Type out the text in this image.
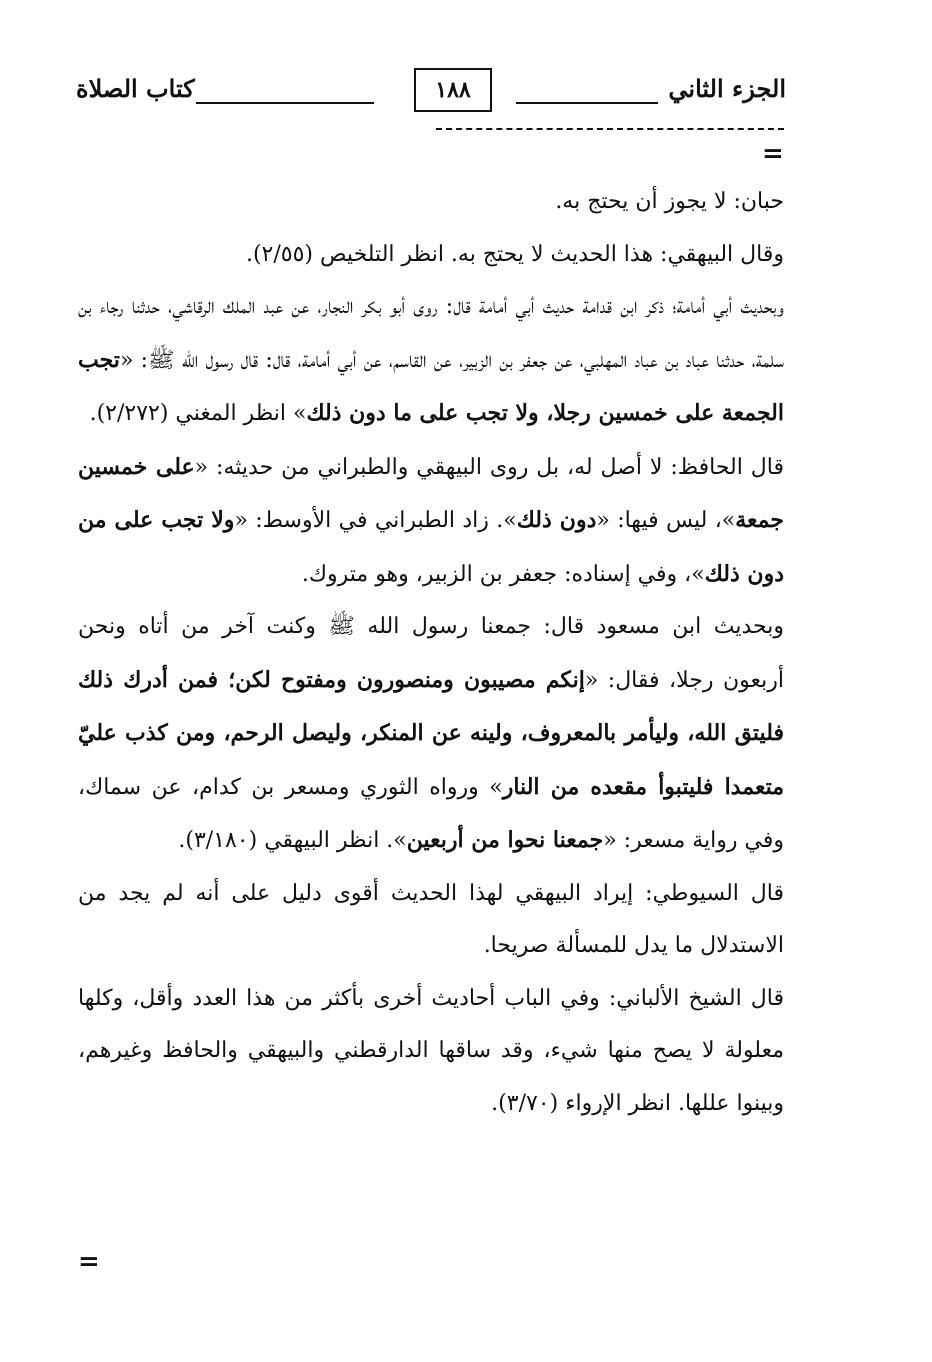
الجزء الثاني
١٨٨
كتاب الصلاة
=

حبان: لا يجوز أن يحتج به.

وقال البيهقي: هذا الحديث لا يحتج به. انظر التلخيص (٢/٥٥).

وبحديث أبي أمامة؛ ذكر ابن قدامة حديث أبي أمامة قال: روى أبو بكر النجار، عن عبد الملك الرقاشي، حدثنا رجاء بن سلمة، حدثنا عباد بن عباد المهلبي، عن جعفر بن الزبير، عن القاسم، عن أبي أمامة، قال: قال رسول الله ﷺ: «تجب الجمعة على خمسين رجلا، ولا تجب على ما دون ذلك» انظر المغني (٢/٢٧٢).

قال الحافظ: لا أصل له، بل روى البيهقي والطبراني من حديثه: «على خمسين جمعة»، ليس فيها: «دون ذلك». زاد الطبراني في الأوسط: «ولا تجب على من دون ذلك»، وفي إسناده: جعفر بن الزبير، وهو متروك.

وبحديث ابن مسعود قال: جمعنا رسول الله ﷺ وكنت آخر من أتاه ونحن أربعون رجلا، فقال: «إنكم مصيبون ومنصورون ومفتوح لكن؛ فمن أدرك ذلك فليتق الله، وليأمر بالمعروف، ولينه عن المنكر، وليصل الرحم، ومن كذب عليّ متعمدا فليتبوأ مقعده من النار» ورواه الثوري ومسعر بن كدام، عن سماك، وفي رواية مسعر: «جمعنا نحوا من أربعين». انظر البيهقي (٣/١٨٠).

قال السيوطي: إيراد البيهقي لهذا الحديث أقوى دليل على أنه لم يجد من الاستدلال ما يدل للمسألة صريحا.

قال الشيخ الألباني: وفي الباب أحاديث أخرى بأكثر من هذا العدد وأقل، وكلها معلولة لا يصح منها شيء، وقد ساقها الدارقطني والبيهقي والحافظ وغيرهم، وبينوا عللها. انظر الإرواء (٣/٧٠).

=
